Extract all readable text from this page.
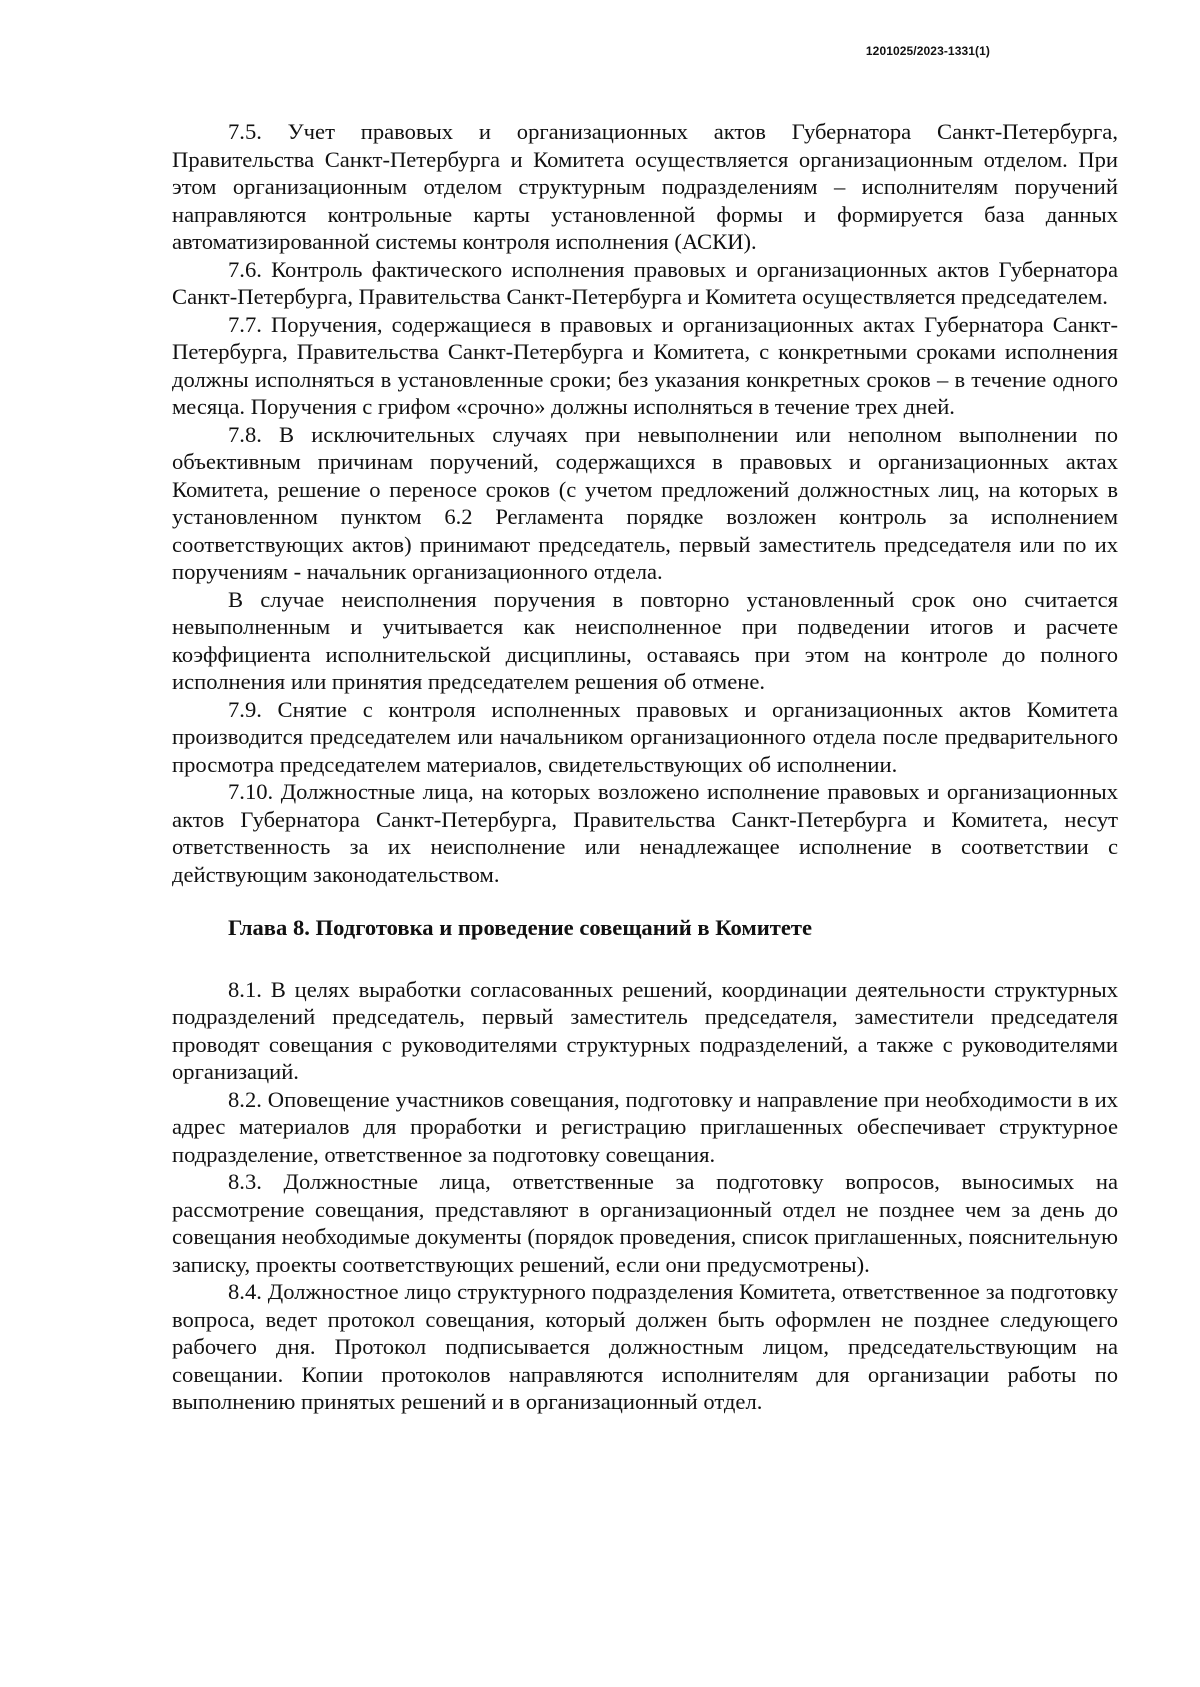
1201025/2023-1331(1)

7.5. Учет правовых и организационных актов Губернатора Санкт-Петербурга, Правительства Санкт-Петербурга и Комитета осуществляется организационным отделом. При этом организационным отделом структурным подразделениям – исполнителям поручений направляются контрольные карты установленной формы и формируется база данных автоматизированной системы контроля исполнения (АСКИ).

7.6. Контроль фактического исполнения правовых и организационных актов Губернатора Санкт-Петербурга, Правительства Санкт-Петербурга и Комитета осуществляется председателем.

7.7. Поручения, содержащиеся в правовых и организационных актах Губернатора Санкт-Петербурга, Правительства Санкт-Петербурга и Комитета, с конкретными сроками исполнения должны исполняться в установленные сроки; без указания конкретных сроков – в течение одного месяца. Поручения с грифом «срочно» должны исполняться в течение трех дней.

7.8. В исключительных случаях при невыполнении или неполном выполнении по объективным причинам поручений, содержащихся в правовых и организационных актах Комитета, решение о переносе сроков (с учетом предложений должностных лиц, на которых в установленном пунктом 6.2 Регламента порядке возложен контроль за исполнением соответствующих актов) принимают председатель, первый заместитель председателя или по их поручениям - начальник организационного отдела.

В случае неисполнения поручения в повторно установленный срок оно считается невыполненным и учитывается как неисполненное при подведении итогов и расчете коэффициента исполнительской дисциплины, оставаясь при этом на контроле до полного исполнения или принятия председателем решения об отмене.

7.9. Снятие с контроля исполненных правовых и организационных актов Комитета производится председателем или начальником организационного отдела после предварительного просмотра председателем материалов, свидетельствующих об исполнении.

7.10. Должностные лица, на которых возложено исполнение правовых и организационных актов Губернатора Санкт-Петербурга, Правительства Санкт-Петербурга и Комитета, несут ответственность за их неисполнение или ненадлежащее исполнение в соответствии с действующим законодательством.

Глава 8. Подготовка и проведение совещаний в Комитете

8.1. В целях выработки согласованных решений, координации деятельности структурных подразделений председатель, первый заместитель председателя, заместители председателя проводят совещания с руководителями структурных подразделений, а также с руководителями организаций.

8.2. Оповещение участников совещания, подготовку и направление при необходимости в их адрес материалов для проработки и регистрацию приглашенных обеспечивает структурное подразделение, ответственное за подготовку совещания.

8.3. Должностные лица, ответственные за подготовку вопросов, выносимых на рассмотрение совещания, представляют в организационный отдел не позднее чем за день до совещания необходимые документы (порядок проведения, список приглашенных, пояснительную записку, проекты соответствующих решений, если они предусмотрены).

8.4. Должностное лицо структурного подразделения Комитета, ответственное за подготовку вопроса, ведет протокол совещания, который должен быть оформлен не позднее следующего рабочего дня. Протокол подписывается должностным лицом, председательствующим на совещании. Копии протоколов направляются исполнителям для организации работы по выполнению принятых решений и в организационный отдел.
